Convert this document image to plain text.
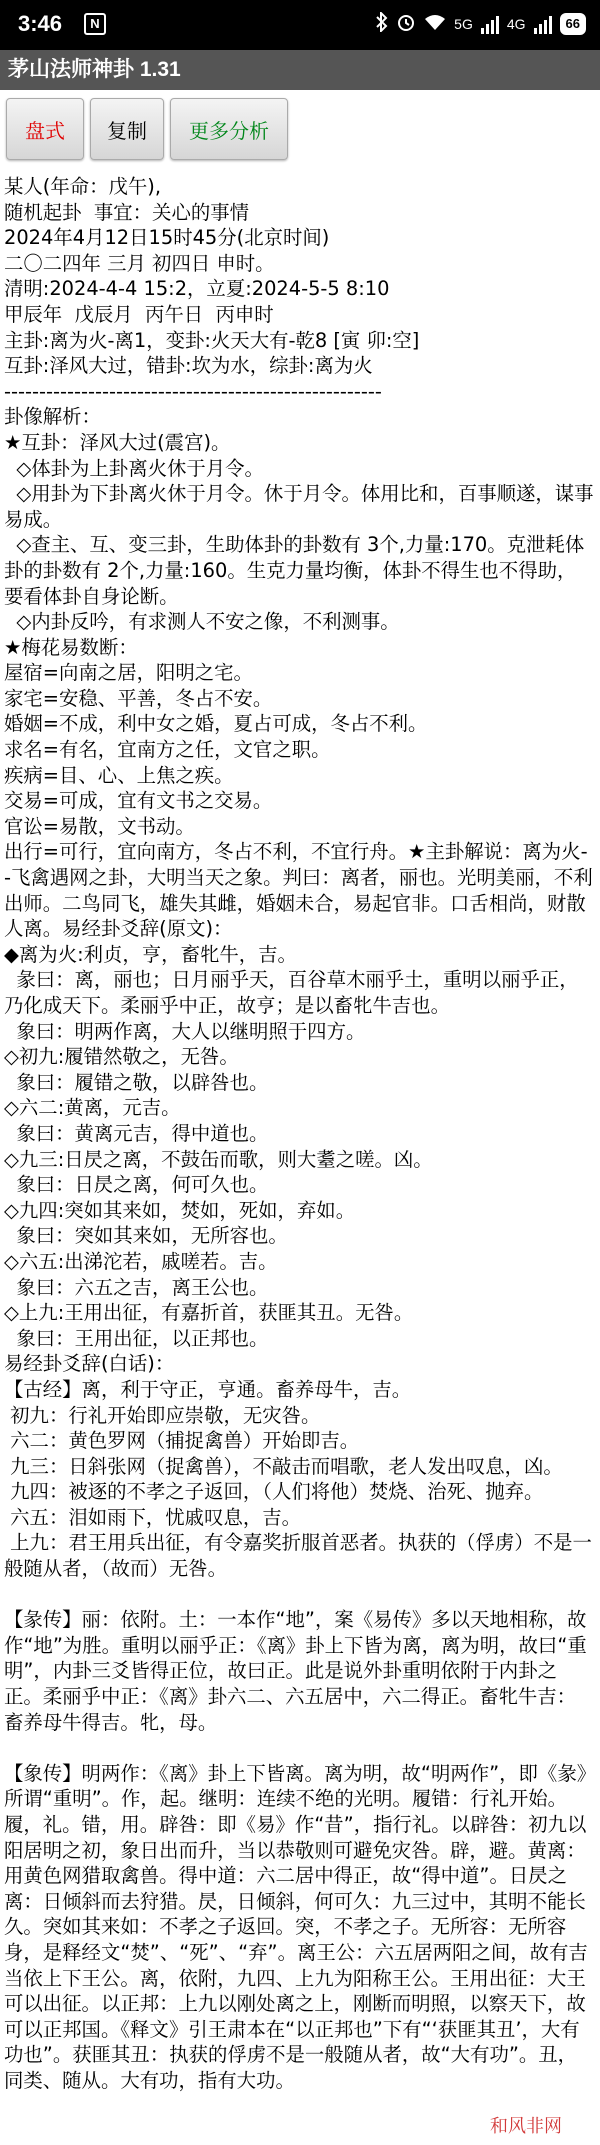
3:46	N	5G 4G	66
茅山法师神卦 1.31
盘式	复制	更多分析
某人(年命：戊午),
随机起卦  事宜：关心的事情
2024年4月12日15时45分(北京时间)
二〇二四年 三月 初四日 申时。
清明:2024-4-4 15:2，立夏:2024-5-5 8:10
甲辰年  戊辰月  丙午日  丙申时
主卦:离为火-离1，变卦:火天大有-乾8 [寅 卯:空]
互卦:泽风大过，错卦:坎为水，综卦:离为火
------------------------------------------------------
卦像解析：
★互卦：泽风大过(震宫)。
◇体卦为上卦离火休于月令。
◇用卦为下卦离火休于月令。休于月令。体用比和，百事顺遂，谋事易成。
◇查主、互、变三卦，生助体卦的卦数有 3个,力量:170。克泄耗体卦的卦数有 2个,力量:160。生克力量均衡，体卦不得生也不得助，要看体卦自身论断。
◇内卦反吟，有求测人不安之像，不利测事。
★梅花易数断：
屋宿=向南之居，阳明之宅。
家宅=安稳、平善，冬占不安。
婚姻=不成，利中女之婚，夏占可成，冬占不利。
求名=有名，宜南方之任，文官之职。
疾病=目、心、上焦之疾。
交易=可成，宜有文书之交易。
官讼=易散，文书动。
出行=可行，宜向南方，冬占不利，不宜行舟。★主卦解说：离为火--飞禽遇网之卦，大明当天之象。判曰：离者，丽也。光明美丽，不利出师。二鸟同飞，雄失其雌，婚姻未合，易起官非。口舌相尚，财散人离。易经卦爻辞(原文)：
◆离为火:利贞，亨，畜牝牛，吉。
彖曰：离，丽也；日月丽乎天，百谷草木丽乎土，重明以丽乎正，乃化成天下。柔丽乎中正，故亨；是以畜牝牛吉也。
象曰：明两作离，大人以继明照于四方。
◇初九:履错然敬之，无咎。
象曰：履错之敬，以辟咎也。
◇六二:黄离，元吉。
象曰：黄离元吉，得中道也。
◇九三:日昃之离，不鼓缶而歌，则大耋之嗟。凶。
象曰：日昃之离，何可久也。
◇九四:突如其来如，焚如，死如，弃如。
象曰：突如其来如，无所容也。
◇六五:出涕沱若，戚嗟若。吉。
象曰：六五之吉，离王公也。
◇上九:王用出征，有嘉折首，获匪其丑。无咎。
象曰：王用出征，以正邦也。
易经卦爻辞(白话)：
【古经】离，利于守正，亨通。畜养母牛，吉。
初九：行礼开始即应崇敬，无灾咎。
六二：黄色罗网（捕捉禽兽）开始即吉。
九三：日斜张网（捉禽兽），不敲击而唱歌，老人发出叹息，凶。
九四：被逐的不孝之子返回，（人们将他）焚烧、治死、抛弃。
六五：泪如雨下，忧戚叹息，吉。
上九：君王用兵出征，有令嘉奖折服首恶者。执获的（俘虏）不是一般随从者，（故而）无咎。
【彖传】丽：依附。土：一本作“地”，案《易传》多以天地相称，故作“地”为胜。重明以丽乎正：《离》卦上下皆为离，离为明，故曰“重明”，内卦三爻皆得正位，故曰正。此是说外卦重明依附于内卦之正。柔丽乎中正：《离》卦六二、六五居中，六二得正。畜牝牛吉：畜养母牛得吉。牝，母。
【象传】明两作：《离》卦上下皆离。离为明，故“明两作”，即《彖》所谓“重明”。作，起。继明：连续不绝的光明。履错：行礼开始。履，礼。错，用。辟咎：即《易》作“昔”，指行礼。以辟咎：初九以阳居明之初，象日出而升，当以恭敬则可避免灾咎。辟，避。黄离：用黄色网猎取禽兽。得中道：六二居中得正，故“得中道”。日昃之离：日倾斜而去狩猎。昃，日倾斜，何可久：九三过中，其明不能长久。突如其来如：不孝之子返回。突，不孝之子。无所容：无所容身，是释经文“焚”、“死”、“弃”。离王公：六五居两阳之间，故有吉当依上下王公。离，依附，九四、上九为阳称王公。王用出征：大王可以出征。以正邦：上九以刚处离之上，刚断而明照，以察天下，故可以正邦国。《释文》引王肃本在“以正邦也”下有“‘获匪其丑’，大有功也”。获匪其丑：执获的俘虏不是一般随从者，故“大有功”。丑，同类、随从。大有功，指有大功。
和风非网
